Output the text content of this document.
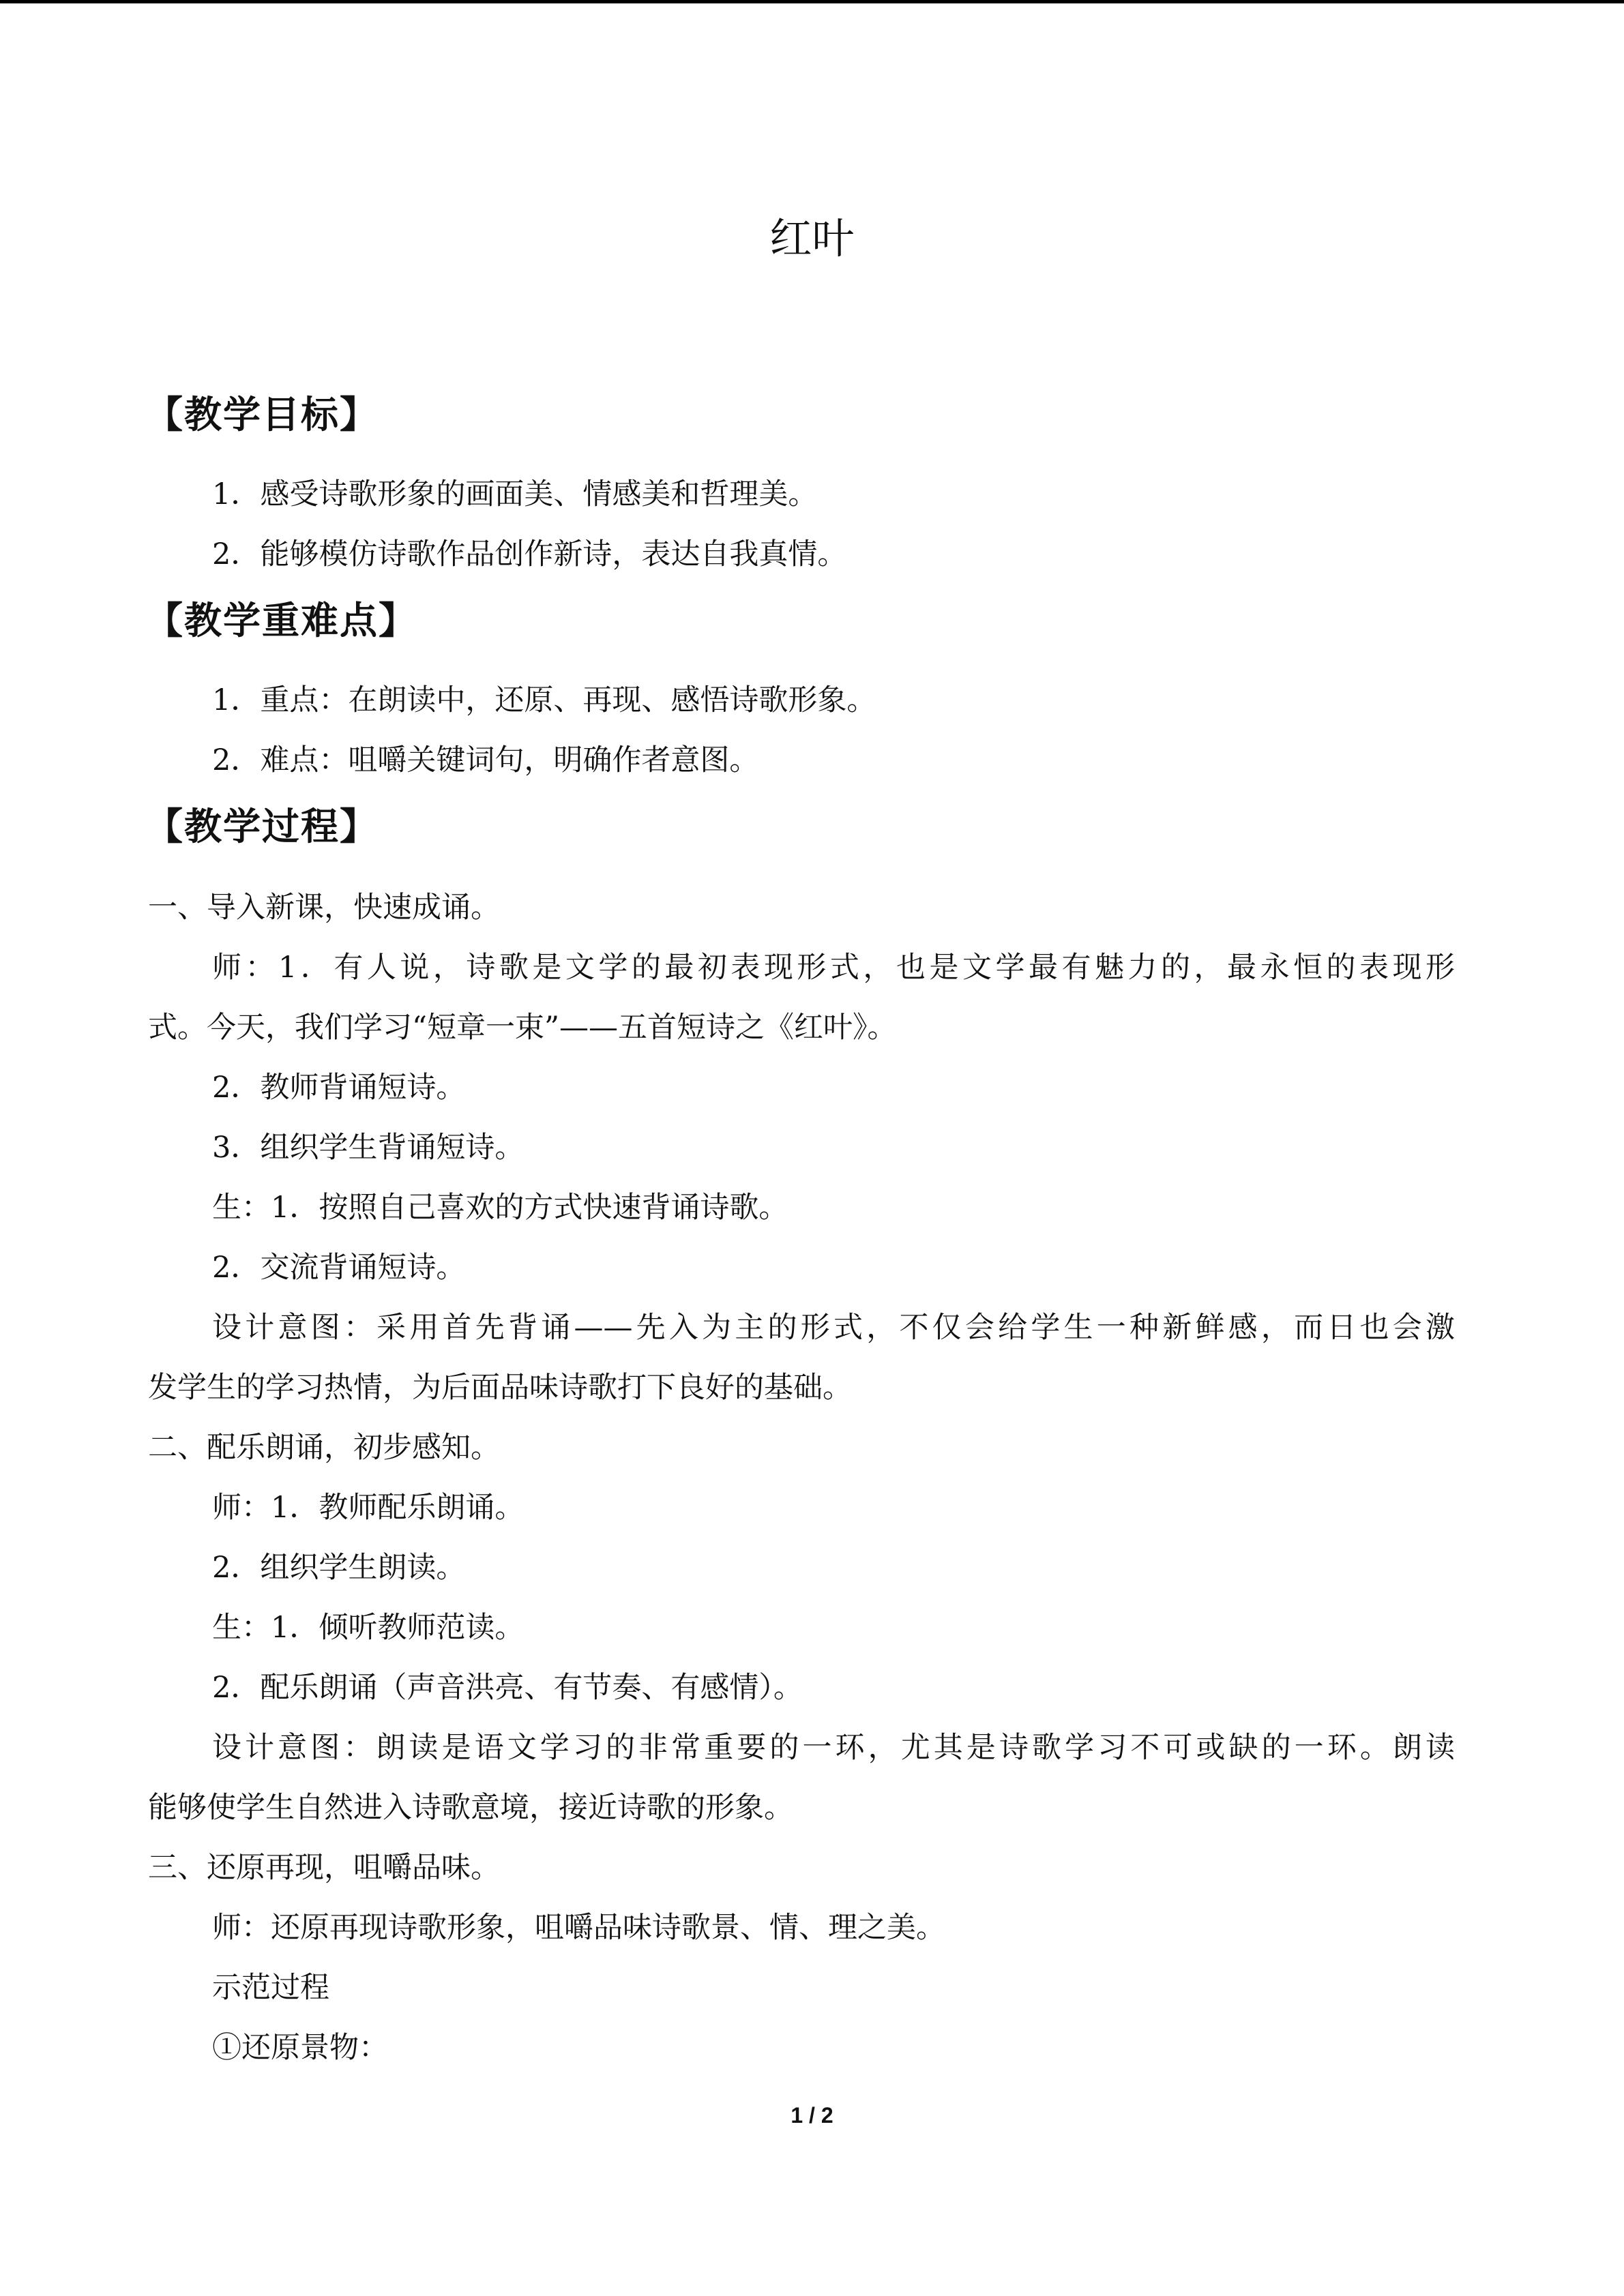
红叶
【教学目标】
1．感受诗歌形象的画面美、情感美和哲理美。
2．能够模仿诗歌作品创作新诗，表达自我真情。
【教学重难点】
1．重点：在朗读中，还原、再现、感悟诗歌形象。
2．难点：咀嚼关键词句，明确作者意图。
【教学过程】
一、导入新课，快速成诵。
师：1．有人说，诗歌是文学的最初表现形式，也是文学最有魅力的，最永恒的表现形
式。今天，我们学习“短章一束”——五首短诗之《红叶》。
2．教师背诵短诗。
3．组织学生背诵短诗。
生：1．按照自己喜欢的方式快速背诵诗歌。
2．交流背诵短诗。
设计意图：采用首先背诵——先入为主的形式，不仅会给学生一种新鲜感，而日也会激
发学生的学习热情，为后面品味诗歌打下良好的基础。
二、配乐朗诵，初步感知。
师：1．教师配乐朗诵。
2．组织学生朗读。
生：1．倾听教师范读。
2．配乐朗诵（声音洪亮、有节奏、有感情）。
设计意图：朗读是语文学习的非常重要的一环，尤其是诗歌学习不可或缺的一环。朗读
能够使学生自然进入诗歌意境，接近诗歌的形象。
三、还原再现，咀嚼品味。
师：还原再现诗歌形象，咀嚼品味诗歌景、情、理之美。
示范过程
①还原景物：
1 / 2
